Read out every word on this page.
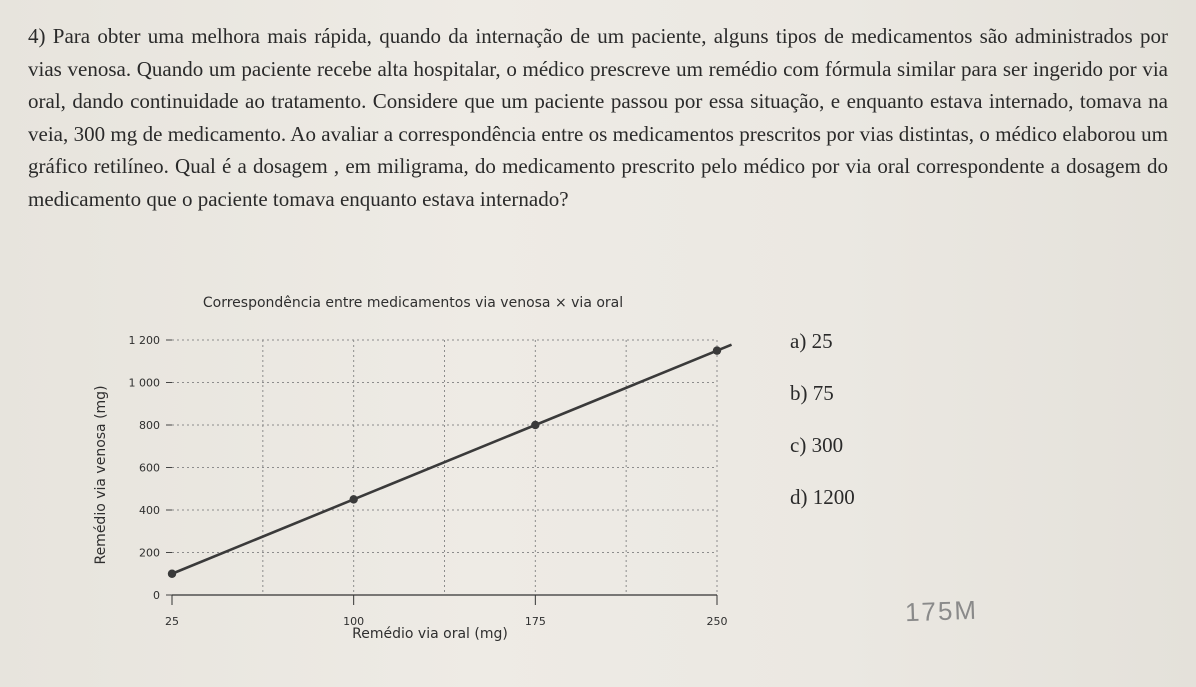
4) Para obter uma melhora mais rápida, quando da internação de um paciente, alguns tipos de medicamentos são administrados por vias venosa. Quando um paciente recebe alta hospitalar, o médico prescreve um remédio com fórmula similar para ser ingerido por via oral, dando continuidade ao tratamento. Considere que um paciente passou por essa situação, e enquanto estava internado, tomava na veia, 300 mg de medicamento. Ao avaliar a correspondência entre os medicamentos prescritos por vias distintas, o médico elaborou um gráfico retilíneo. Qual é a dosagem , em miligrama, do medicamento prescrito pelo médico por via oral correspondente a dosagem do medicamento que o paciente tomava enquanto estava internado?

Correspondência entre medicamentos via venosa × via oral
Remédio via oral (mg)
Remédio via venosa (mg)
0
200
400
600
800
1 000
1 200
25	100	175	250
a) 25
b) 75
c) 300
d) 1200
175M
